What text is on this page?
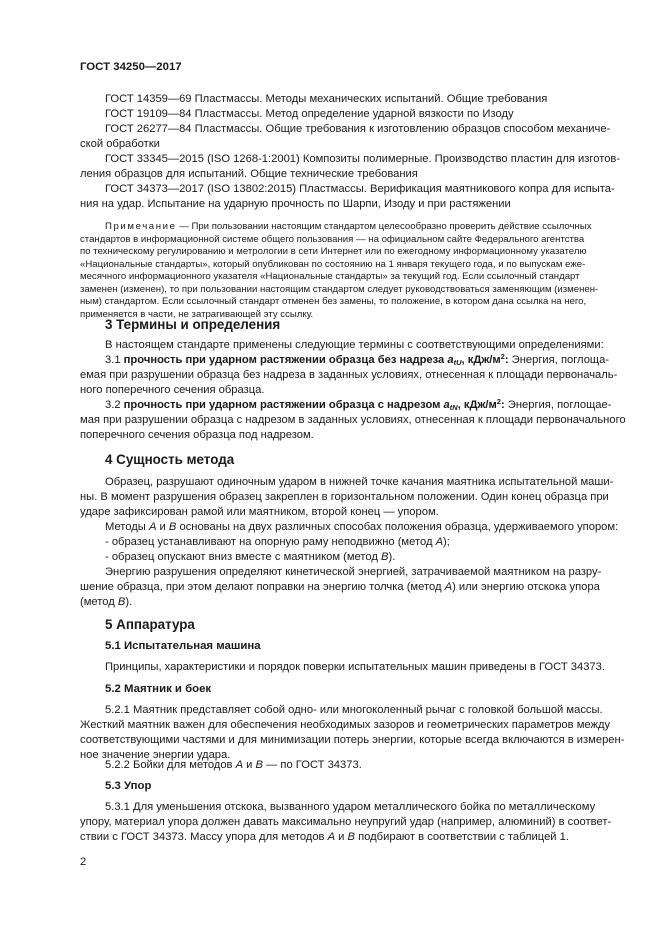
ГОСТ 34250—2017
ГОСТ 14359—69 Пластмассы. Методы механических испытаний. Общие требования
ГОСТ 19109—84 Пластмассы. Метод определение ударной вязкости по Изоду
ГОСТ 26277—84 Пластмассы. Общие требования к изготовлению образцов способом механиче-
ской обработки
ГОСТ 33345—2015 (ISO 1268-1:2001) Композиты полимерные. Производство пластин для изготов-
ления образцов для испытаний. Общие технические требования
ГОСТ 34373—2017 (ISO 13802:2015) Пластмассы. Верификация маятникового копра для испыта-
ния на удар. Испытание на ударную прочность по Шарпи, Изоду и при растяжении
Примечание — При пользовании настоящим стандартом целесообразно проверить действие ссылочных
стандартов в информационной системе общего пользования — на официальном сайте Федерального агентства
по техническому регулированию и метрологии в сети Интернет или по ежегодному информационному указателю
«Национальные стандарты», который опубликован по состоянию на 1 января текущего года, и по выпускам еже-
месячного информационного указателя «Национальные стандарты» за текущий год. Если ссылочный стандарт
заменен (изменен), то при пользовании настоящим стандартом следует руководствоваться заменяющим (изменен-
ным) стандартом. Если ссылочный стандарт отменен без замены, то положение, в котором дана ссылка на него,
применяется в части, не затрагивающей эту ссылку.
3 Термины и определения
В настоящем стандарте применены следующие термины с соответствующими определениями:
3.1 прочность при ударном растяжении образца без надреза $a_{tU}$, кДж/$м^2$: Энергия, поглоща-
емая при разрушении образца без надреза в заданных условиях, отнесенная к площади первоначаль-
ного поперечного сечения образца.
3.2 прочность при ударном растяжении образца с надрезом $a_{tN}$, кДж/$м^2$: Энергия, поглощае-
мая при разрушении образца с надрезом в заданных условиях, отнесенная к площади первоначального
поперечного сечения образца под надрезом.
4 Сущность метода
Образец, разрушают одиночным ударом в нижней точке качания маятника испытательной маши-
ны. В момент разрушения образец закреплен в горизонтальном положении. Один конец образца при
ударе зафиксирован рамой или маятником, второй конец — упором.
Методы А и В основаны на двух различных способах положения образца, удерживаемого упором:
- образец устанавливают на опорную раму неподвижно (метод А);
- образец опускают вниз вместе с маятником (метод В).
Энергию разрушения определяют кинетической энергией, затрачиваемой маятником на разру-
шение образца, при этом делают поправки на энергию толчка (метод А) или энергию отскока упора
(метод В).
5 Аппаратура
5.1 Испытательная машина
Принципы, характеристики и порядок поверки испытательных машин приведены в ГОСТ 34373.
5.2 Маятник и боек
5.2.1 Маятник представляет собой одно- или многоколенный рычаг с головкой большой массы.
Жесткий маятник важен для обеспечения необходимых зазоров и геометрических параметров между
соответствующими частями и для минимизации потерь энергии, которые всегда включаются в измерен-
ное значение энергии удара.
5.2.2 Бойки для методов А и В — по ГОСТ 34373.
5.3 Упор
5.3.1 Для уменьшения отскока, вызванного ударом металлического бойка по металлическому
упору, материал упора должен давать максимально неупругий удар (например, алюминий) в соответ-
ствии с ГОСТ 34373. Массу упора для методов А и В подбирают в соответствии с таблицей 1.
2
